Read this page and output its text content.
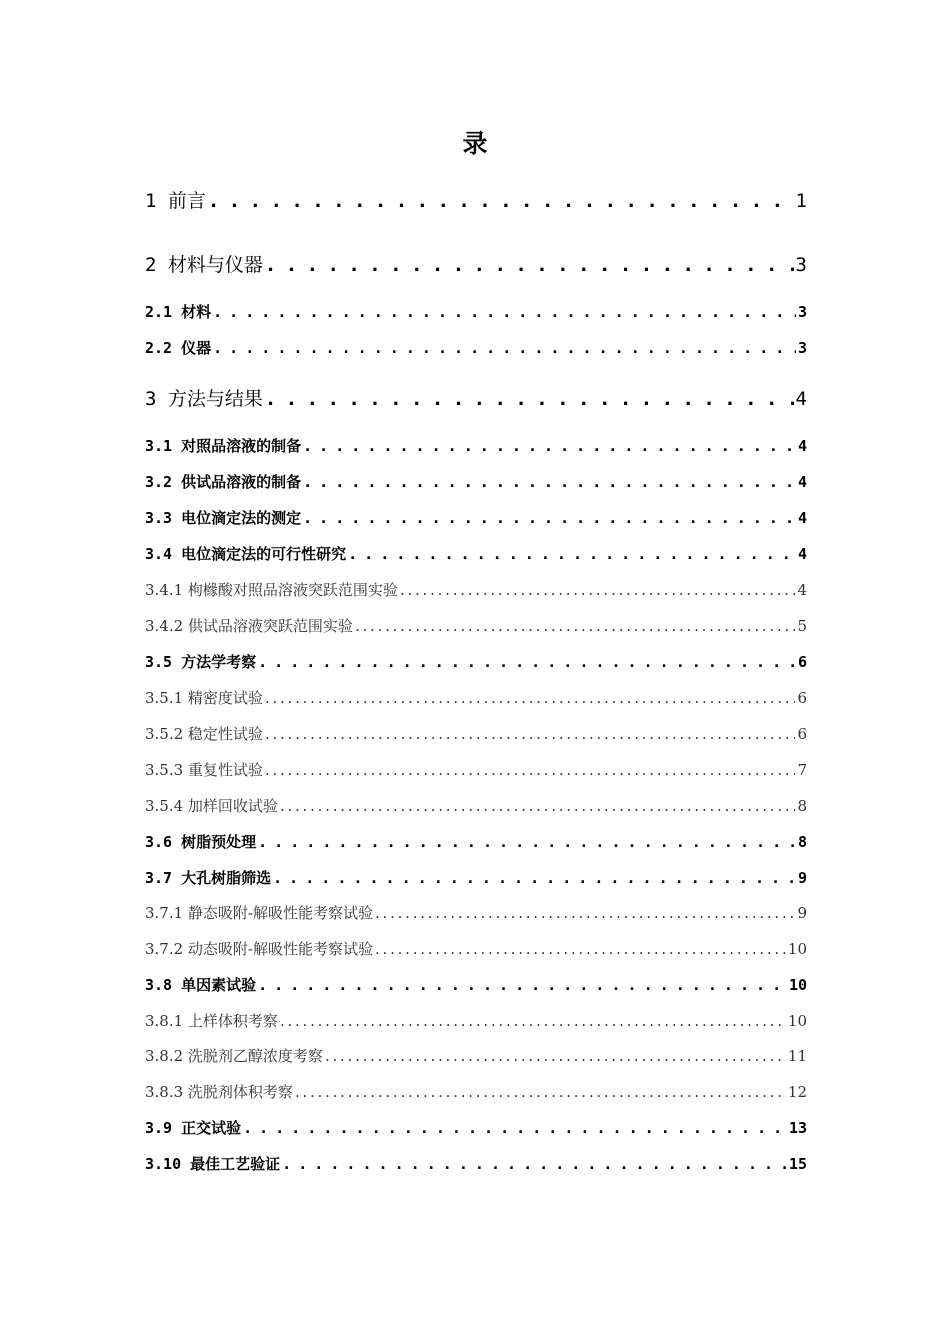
录
1 前言 . . .	1
2 材料与仪器 . . .	3
2.1 材料 . . .	3
2.2 仪器 . . .	3
3 方法与结果 . . .	4
3.1 对照品溶液的制备 . . .	4
3.2 供试品溶液的制备 . . .	4
3.3 电位滴定法的测定 . . .	4
3.4 电位滴定法的可行性研究 . . .	4
3.4.1 枸橼酸对照品溶液突跃范围实验 . . .	4
3.4.2 供试品溶液突跃范围实验 . . .	5
3.5 方法学考察 . . .	6
3.5.1 精密度试验 . . .	6
3.5.2 稳定性试验 . . .	6
3.5.3 重复性试验 . . .	7
3.5.4 加样回收试验 . . .	8
3.6 树脂预处理 . . .	8
3.7 大孔树脂筛选 . . .	9
3.7.1 静态吸附-解吸性能考察试验 . . .	9
3.7.2 动态吸附-解吸性能考察试验 . . .	10
3.8 单因素试验 . . .	10
3.8.1 上样体积考察 . . .	10
3.8.2 洗脱剂乙醇浓度考察 . . .	11
3.8.3 洗脱剂体积考察 . . .	12
3.9 正交试验 . . .	13
3.10 最佳工艺验证 . . .	15
